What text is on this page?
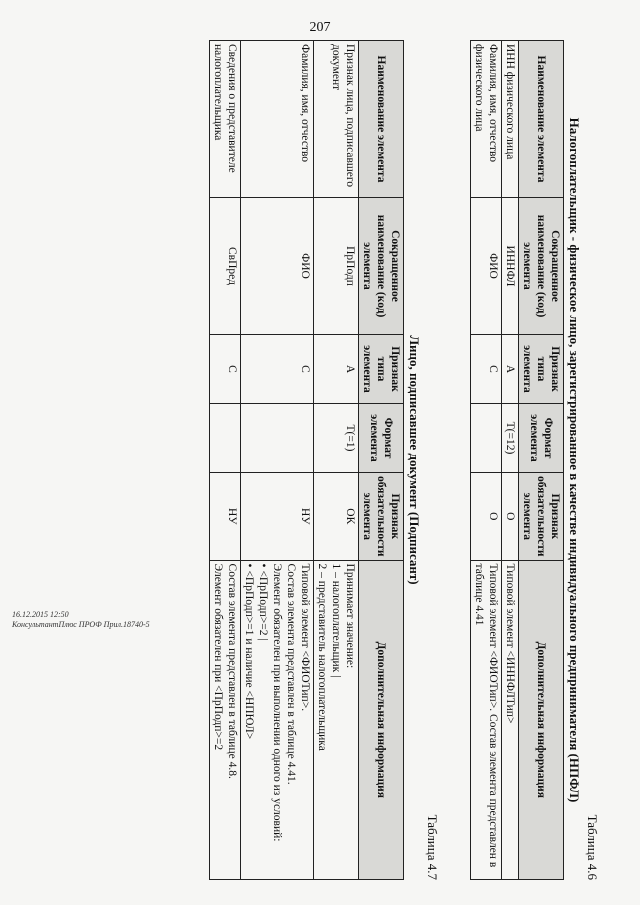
207
16.12.2015 12:50
КонсультантПлюс ПРОФ Прил.18740-5

Таблица 4.6

Налогоплательщик - физическое лицо, зарегистрированное в качестве индивидуального предпринимателя (НПФЛ)

Наименование элемента	Сокращенное наименование (код) элемента	Признак типа элемента	Формат элемента	Признак обязательности элемента	Дополнительная информация
ИНН физического лица	ИННФЛ	А	T(=12)	О	Типовой элемент <ИННФЛТип>
Фамилия, имя, отчество физического лица	ФИО	С		О	Типовой элемент <ФИОТип>. Состав элемента представлен в таблице 4.41

Таблица 4.7

Лицо, подписавшее документ (Подписант)

Наименование элемента	Сокращенное наименование (код) элемента	Признак типа элемента	Формат элемента	Признак обязательности элемента	Дополнительная информация
Признак лица, подписавшего документ	ПрПодп	А	T(=1)	ОК	Принимает значение:
1 – налогоплательщик |
2 – представитель налогоплательщика

Фамилия, имя, отчество	ФИО	С		НУ	Типовой элемент <ФИОТип>.
Состав элемента представлен в таблице 4.41.
Элемент обязателен при выполнении одного из условий:
• <ПрПодп>=2 |
• <ПрПодп>=1 и наличие <НПЮЛ>

Сведения о представителе налогоплательщика	СвПред	С		НУ	Состав элемента представлен в таблице 4.8.
Элемент обязателен при <ПрПодп>=2
